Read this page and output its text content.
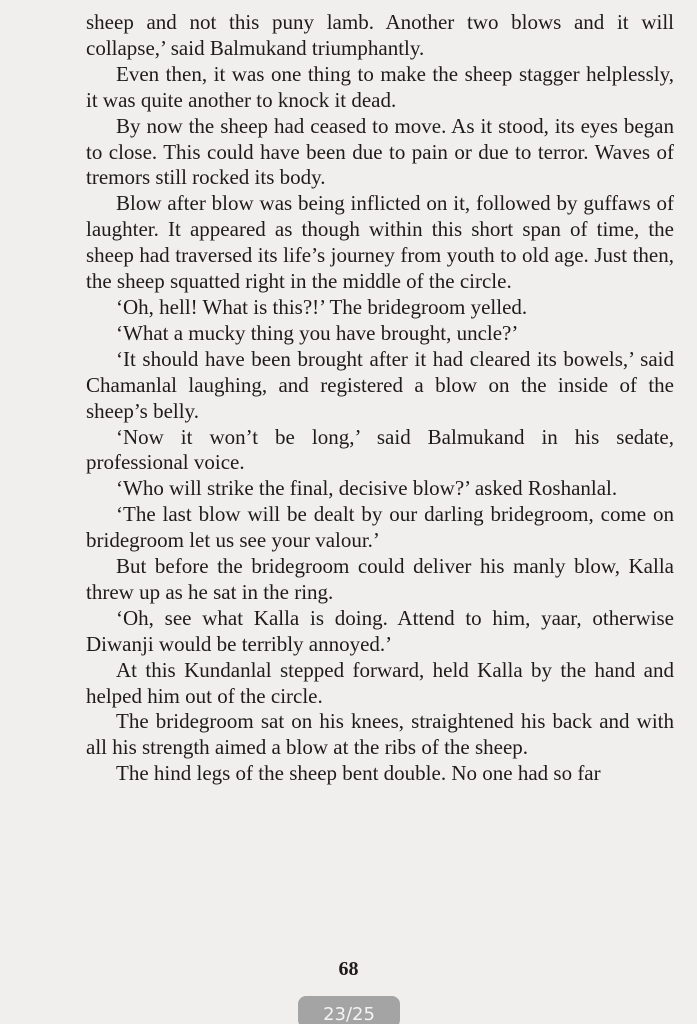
sheep and not this puny lamb. Another two blows and it will collapse,’ said Balmukand triumphantly.

Even then, it was one thing to make the sheep stagger helplessly, it was quite another to knock it dead.

By now the sheep had ceased to move. As it stood, its eyes began to close. This could have been due to pain or due to terror. Waves of tremors still rocked its body.

Blow after blow was being inflicted on it, followed by guffaws of laughter. It appeared as though within this short span of time, the sheep had traversed its life’s journey from youth to old age. Just then, the sheep squatted right in the middle of the circle.

‘Oh, hell! What is this?!’ The bridegroom yelled.

‘What a mucky thing you have brought, uncle?’

‘It should have been brought after it had cleared its bowels,’ said Chamanlal laughing, and registered a blow on the inside of the sheep’s belly.

‘Now it won’t be long,’ said Balmukand in his sedate, professional voice.

‘Who will strike the final, decisive blow?’ asked Roshanlal.

‘The last blow will be dealt by our darling bridegroom, come on bridegroom let us see your valour.’

But before the bridegroom could deliver his manly blow, Kalla threw up as he sat in the ring.

‘Oh, see what Kalla is doing. Attend to him, yaar, otherwise Diwanji would be terribly annoyed.’

At this Kundanlal stepped forward, held Kalla by the hand and helped him out of the circle.

The bridegroom sat on his knees, straightened his back and with all his strength aimed a blow at the ribs of the sheep.

The hind legs of the sheep bent double. No one had so far

68
23/25
